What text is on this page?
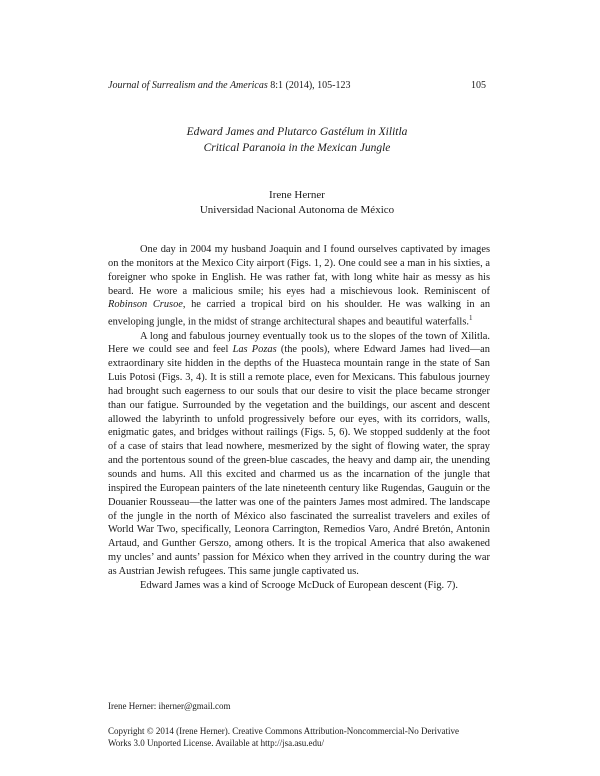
Journal of Surrealism and the Americas 8:1 (2014), 105-123	105
Edward James and Plutarco Gastélum in Xilitla
Critical Paranoia in the Mexican Jungle
Irene Herner
Universidad Nacional Autonoma de México

One day in 2004 my husband Joaquin and I found ourselves captivated by images on the monitors at the Mexico City airport (Figs. 1, 2). One could see a man in his sixties, a foreigner who spoke in English. He was rather fat, with long white hair as messy as his beard. He wore a malicious smile; his eyes had a mischievous look. Reminiscent of Robinson Crusoe, he carried a tropical bird on his shoulder. He was walking in an enveloping jungle, in the midst of strange architectural shapes and beautiful waterfalls.$^1$

A long and fabulous journey eventually took us to the slopes of the town of Xilitla. Here we could see and feel Las Pozas (the pools), where Edward James had lived—an extraordinary site hidden in the depths of the Huasteca mountain range in the state of San Luis Potosi (Figs. 3, 4). It is still a remote place, even for Mexicans. This fabulous journey had brought such eagerness to our souls that our desire to visit the place became stronger than our fatigue. Surrounded by the vegetation and the buildings, our ascent and descent allowed the labyrinth to unfold progressively before our eyes, with its corridors, walls, enigmatic gates, and bridges without railings (Figs. 5, 6). We stopped suddenly at the foot of a case of stairs that lead nowhere, mesmerized by the sight of flowing water, the spray and the portentous sound of the green-blue cascades, the heavy and damp air, the unending sounds and hums. All this excited and charmed us as the incarnation of the jungle that inspired the European painters of the late nineteenth century like Rugendas, Gauguin or the Douanier Rousseau—the latter was one of the painters James most admired. The landscape of the jungle in the north of México also fascinated the surrealist travelers and exiles of World War Two, specifically, Leonora Carrington, Remedios Varo, André Bretón, Antonin Artaud, and Gunther Gerszo, among others. It is the tropical America that also awakened my uncles’ and aunts’ passion for México when they arrived in the country during the war as Austrian Jewish refugees. This same jungle captivated us.

Edward James was a kind of Scrooge McDuck of European descent (Fig. 7).

Irene Herner: iherner@gmail.com
Copyright © 2014 (Irene Herner). Creative Commons Attribution-Noncommercial-No Derivative
Works 3.0 Unported License. Available at http://jsa.asu.edu/
